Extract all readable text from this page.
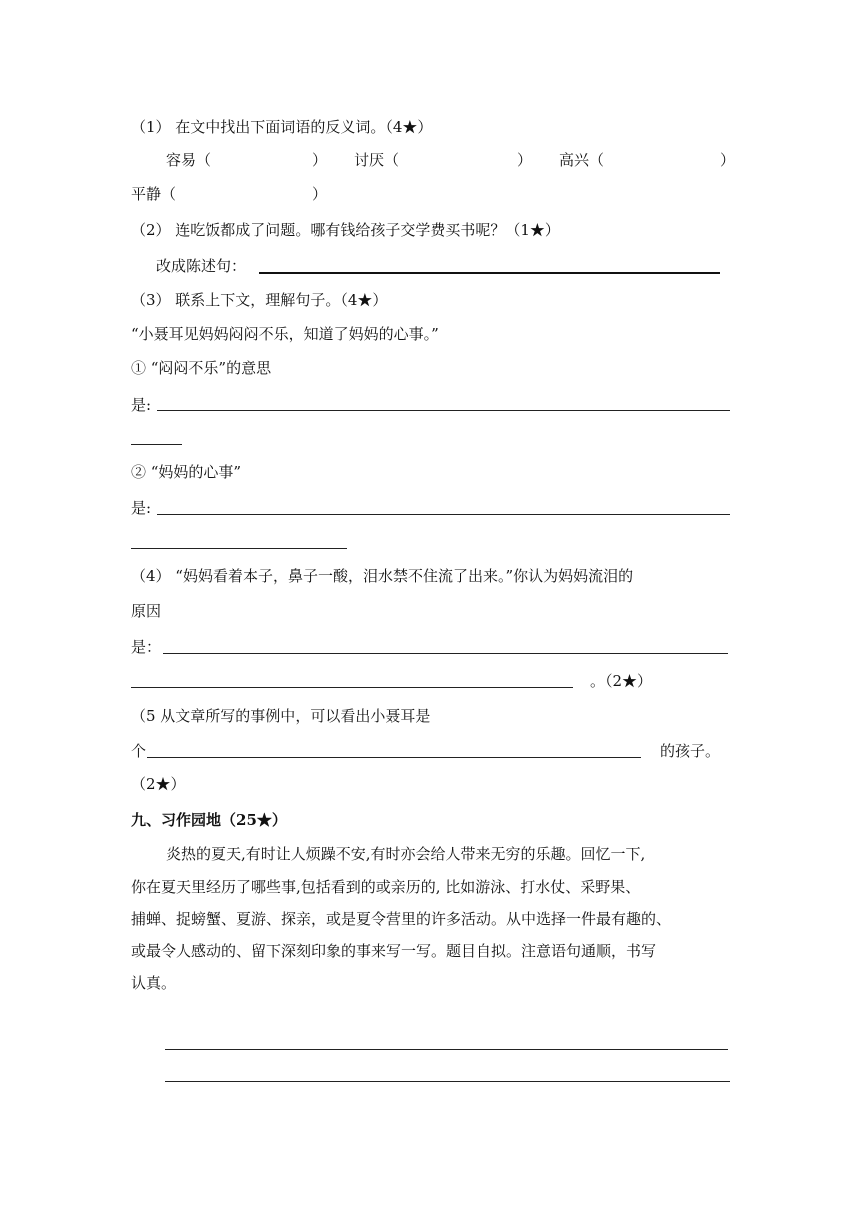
（1） 在文中找出下面词语的反义词。（4★）
容易（	） 讨厌（	） 高兴（	）
平静（	）
（2） 连吃饭都成了问题。哪有钱给孩子交学费买书呢？（1★）
改成陈述句：
（3） 联系上下文，理解句子。（4★）
“小聂耳见妈妈闷闷不乐，知道了妈妈的心事。”
① “闷闷不乐”的意思
是:
② “妈妈的心事”
是:
（4） “妈妈看着本子，鼻子一酸，泪水禁不住流了出来。”你认为妈妈流泪的
原因
是：
。（2★）
（5 从文章所写的事例中，可以看出小聂耳是
个	的孩子。
（2★）
九、习作园地（25★）
炎热的夏天,有时让人烦躁不安,有时亦会给人带来无穷的乐趣。回忆一下,
你在夏天里经历了哪些事,包括看到的或亲历的, 比如游泳、打水仗、采野果、
捕蝉、捉螃蟹、夏游、探亲，或是夏令营里的许多活动。从中选择一件最有趣的、
或最令人感动的、留下深刻印象的事来写一写。题目自拟。注意语句通顺，书写
认真。
